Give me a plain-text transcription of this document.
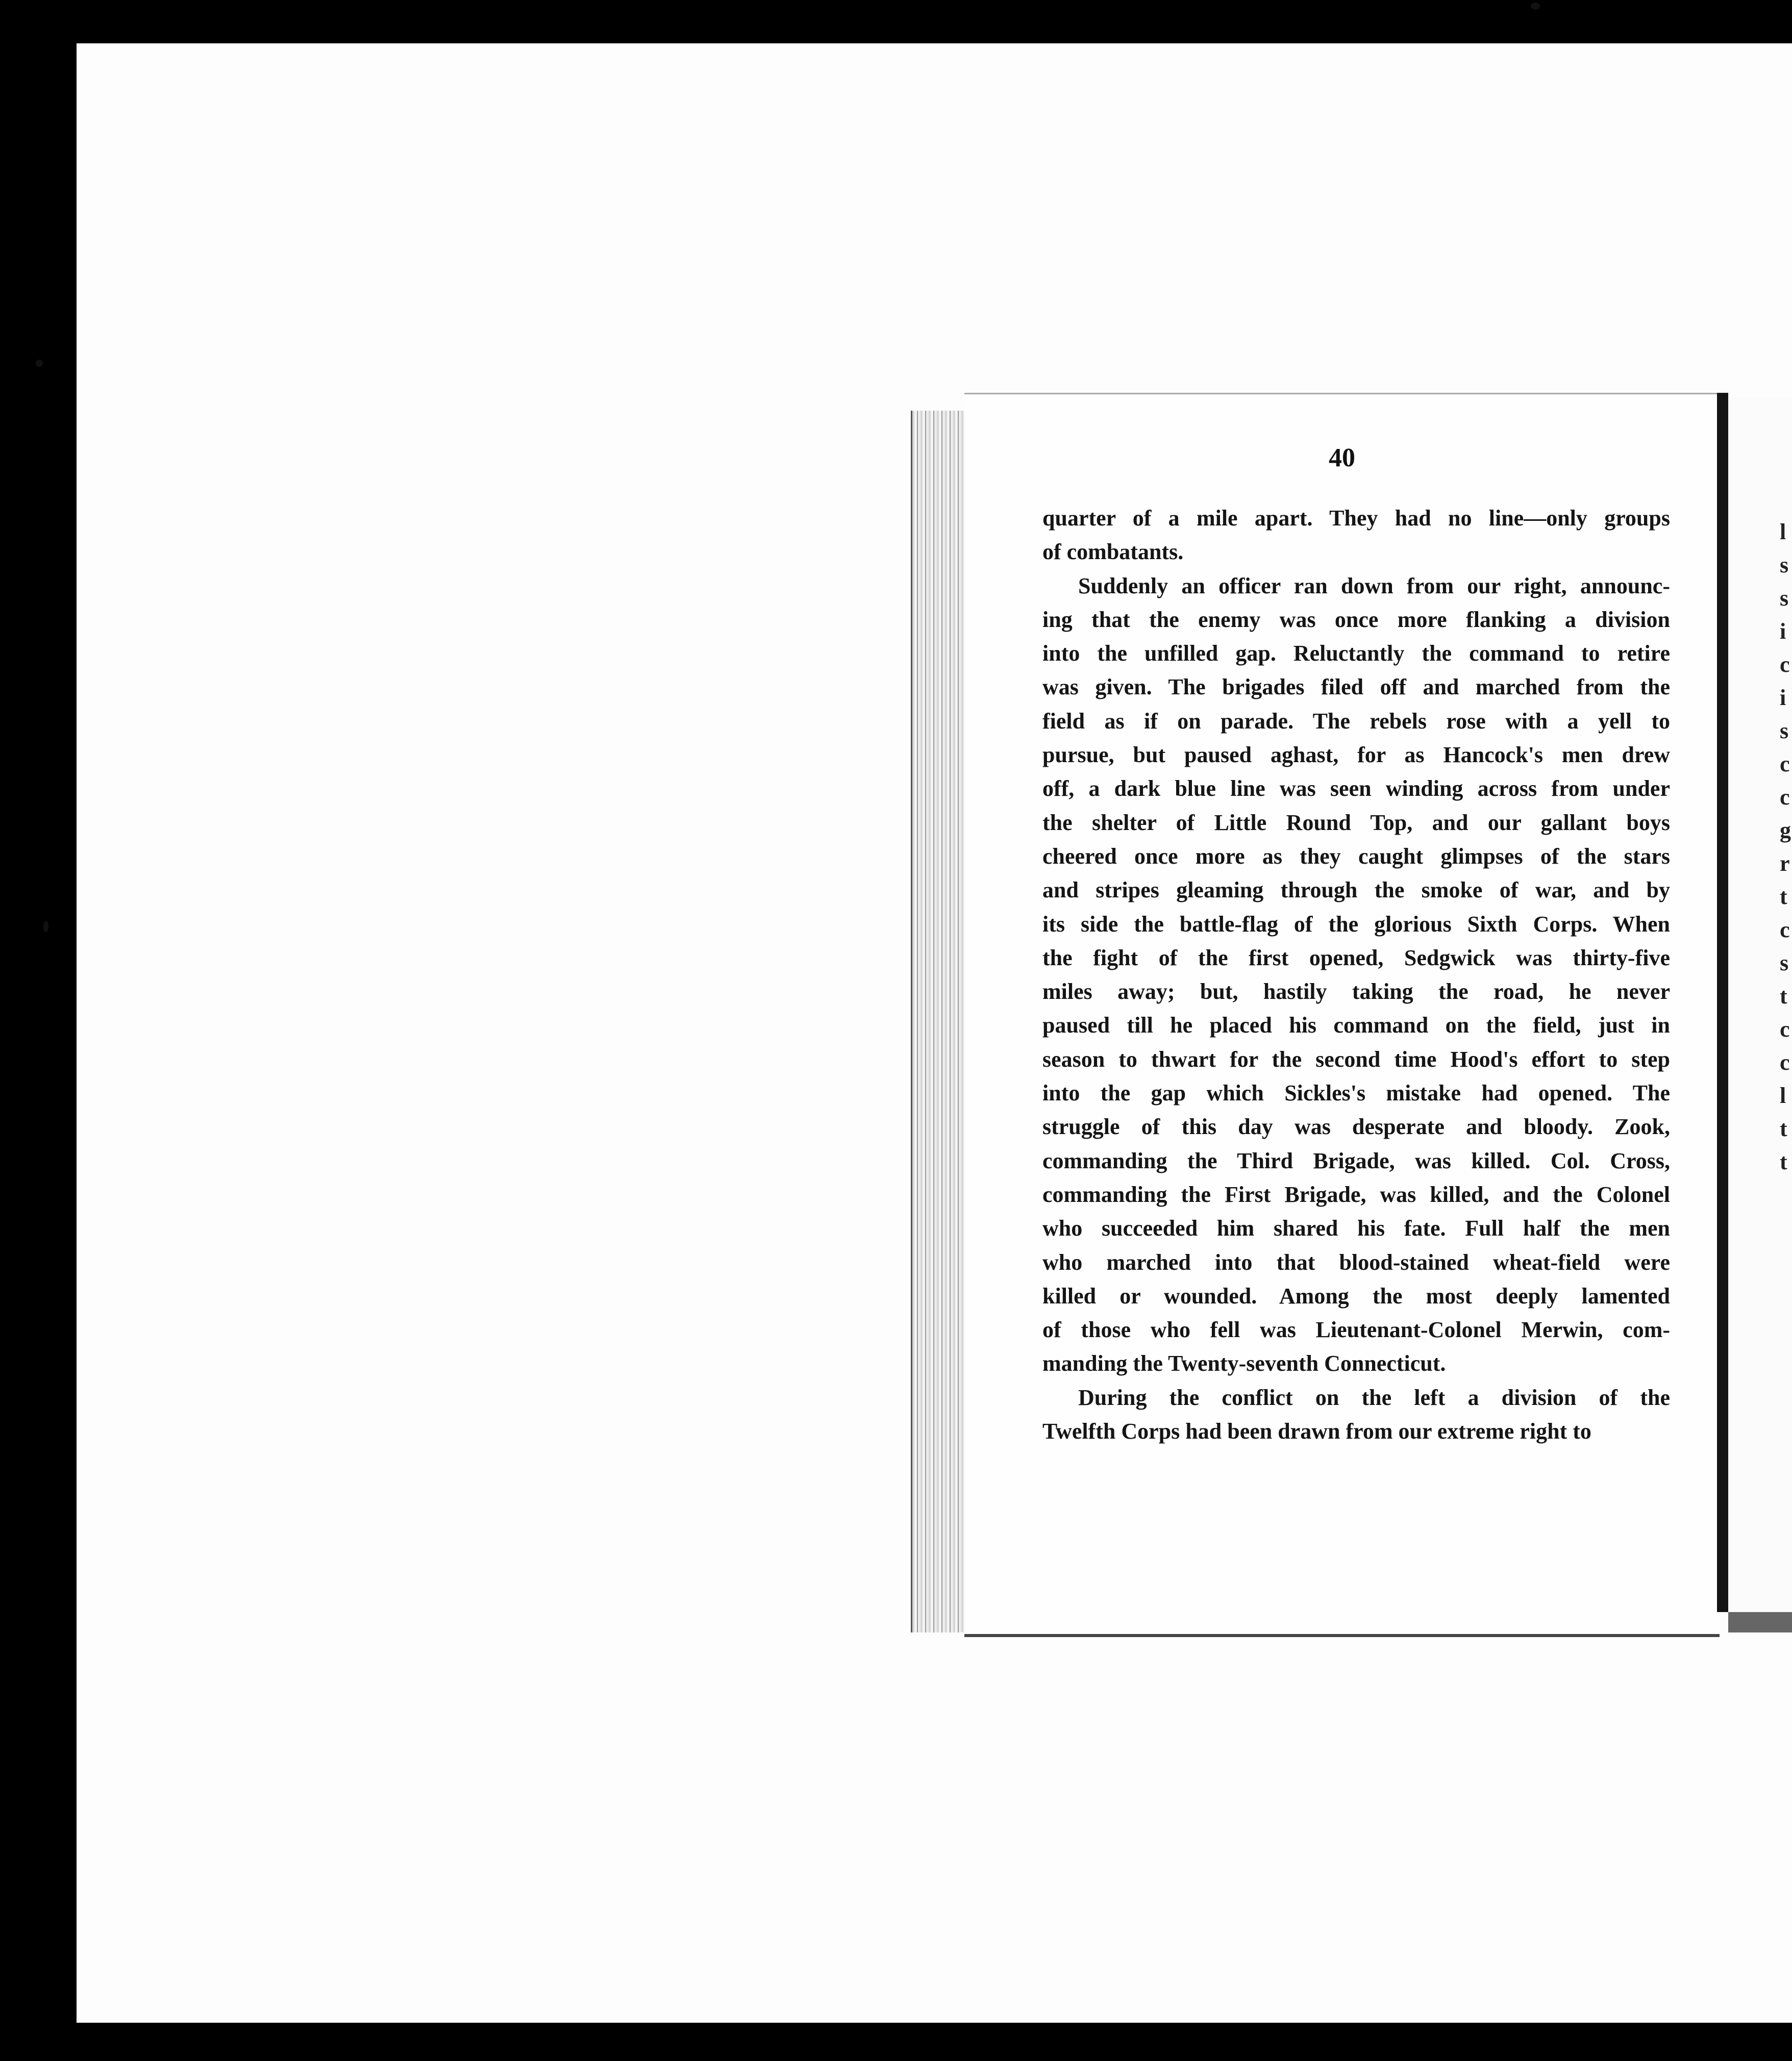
40
quarter of a mile apart. They had no line—only groups
of combatants.
Suddenly an officer ran down from our right, announc-
ing that the enemy was once more flanking a division
into the unfilled gap. Reluctantly the command to retire
was given. The brigades filed off and marched from the
field as if on parade. The rebels rose with a yell to
pursue, but paused aghast, for as Hancock's men drew
off, a dark blue line was seen winding across from under
the shelter of Little Round Top, and our gallant boys
cheered once more as they caught glimpses of the stars
and stripes gleaming through the smoke of war, and by
its side the battle-flag of the glorious Sixth Corps. When
the fight of the first opened, Sedgwick was thirty-five
miles away; but, hastily taking the road, he never
paused till he placed his command on the field, just in
season to thwart for the second time Hood's effort to step
into the gap which Sickles's mistake had opened. The
struggle of this day was desperate and bloody. Zook,
commanding the Third Brigade, was killed. Col. Cross,
commanding the First Brigade, was killed, and the Colonel
who succeeded him shared his fate. Full half the men
who marched into that blood-stained wheat-field were
killed or wounded. Among the most deeply lamented
of those who fell was Lieutenant-Colonel Merwin, com-
manding the Twenty-seventh Connecticut.
During the conflict on the left a division of the
Twelfth Corps had been drawn from our extreme right to
l
s
s
i
c
i
s
c
c
g
r
t
c
s
t
c
c
l
t
t
